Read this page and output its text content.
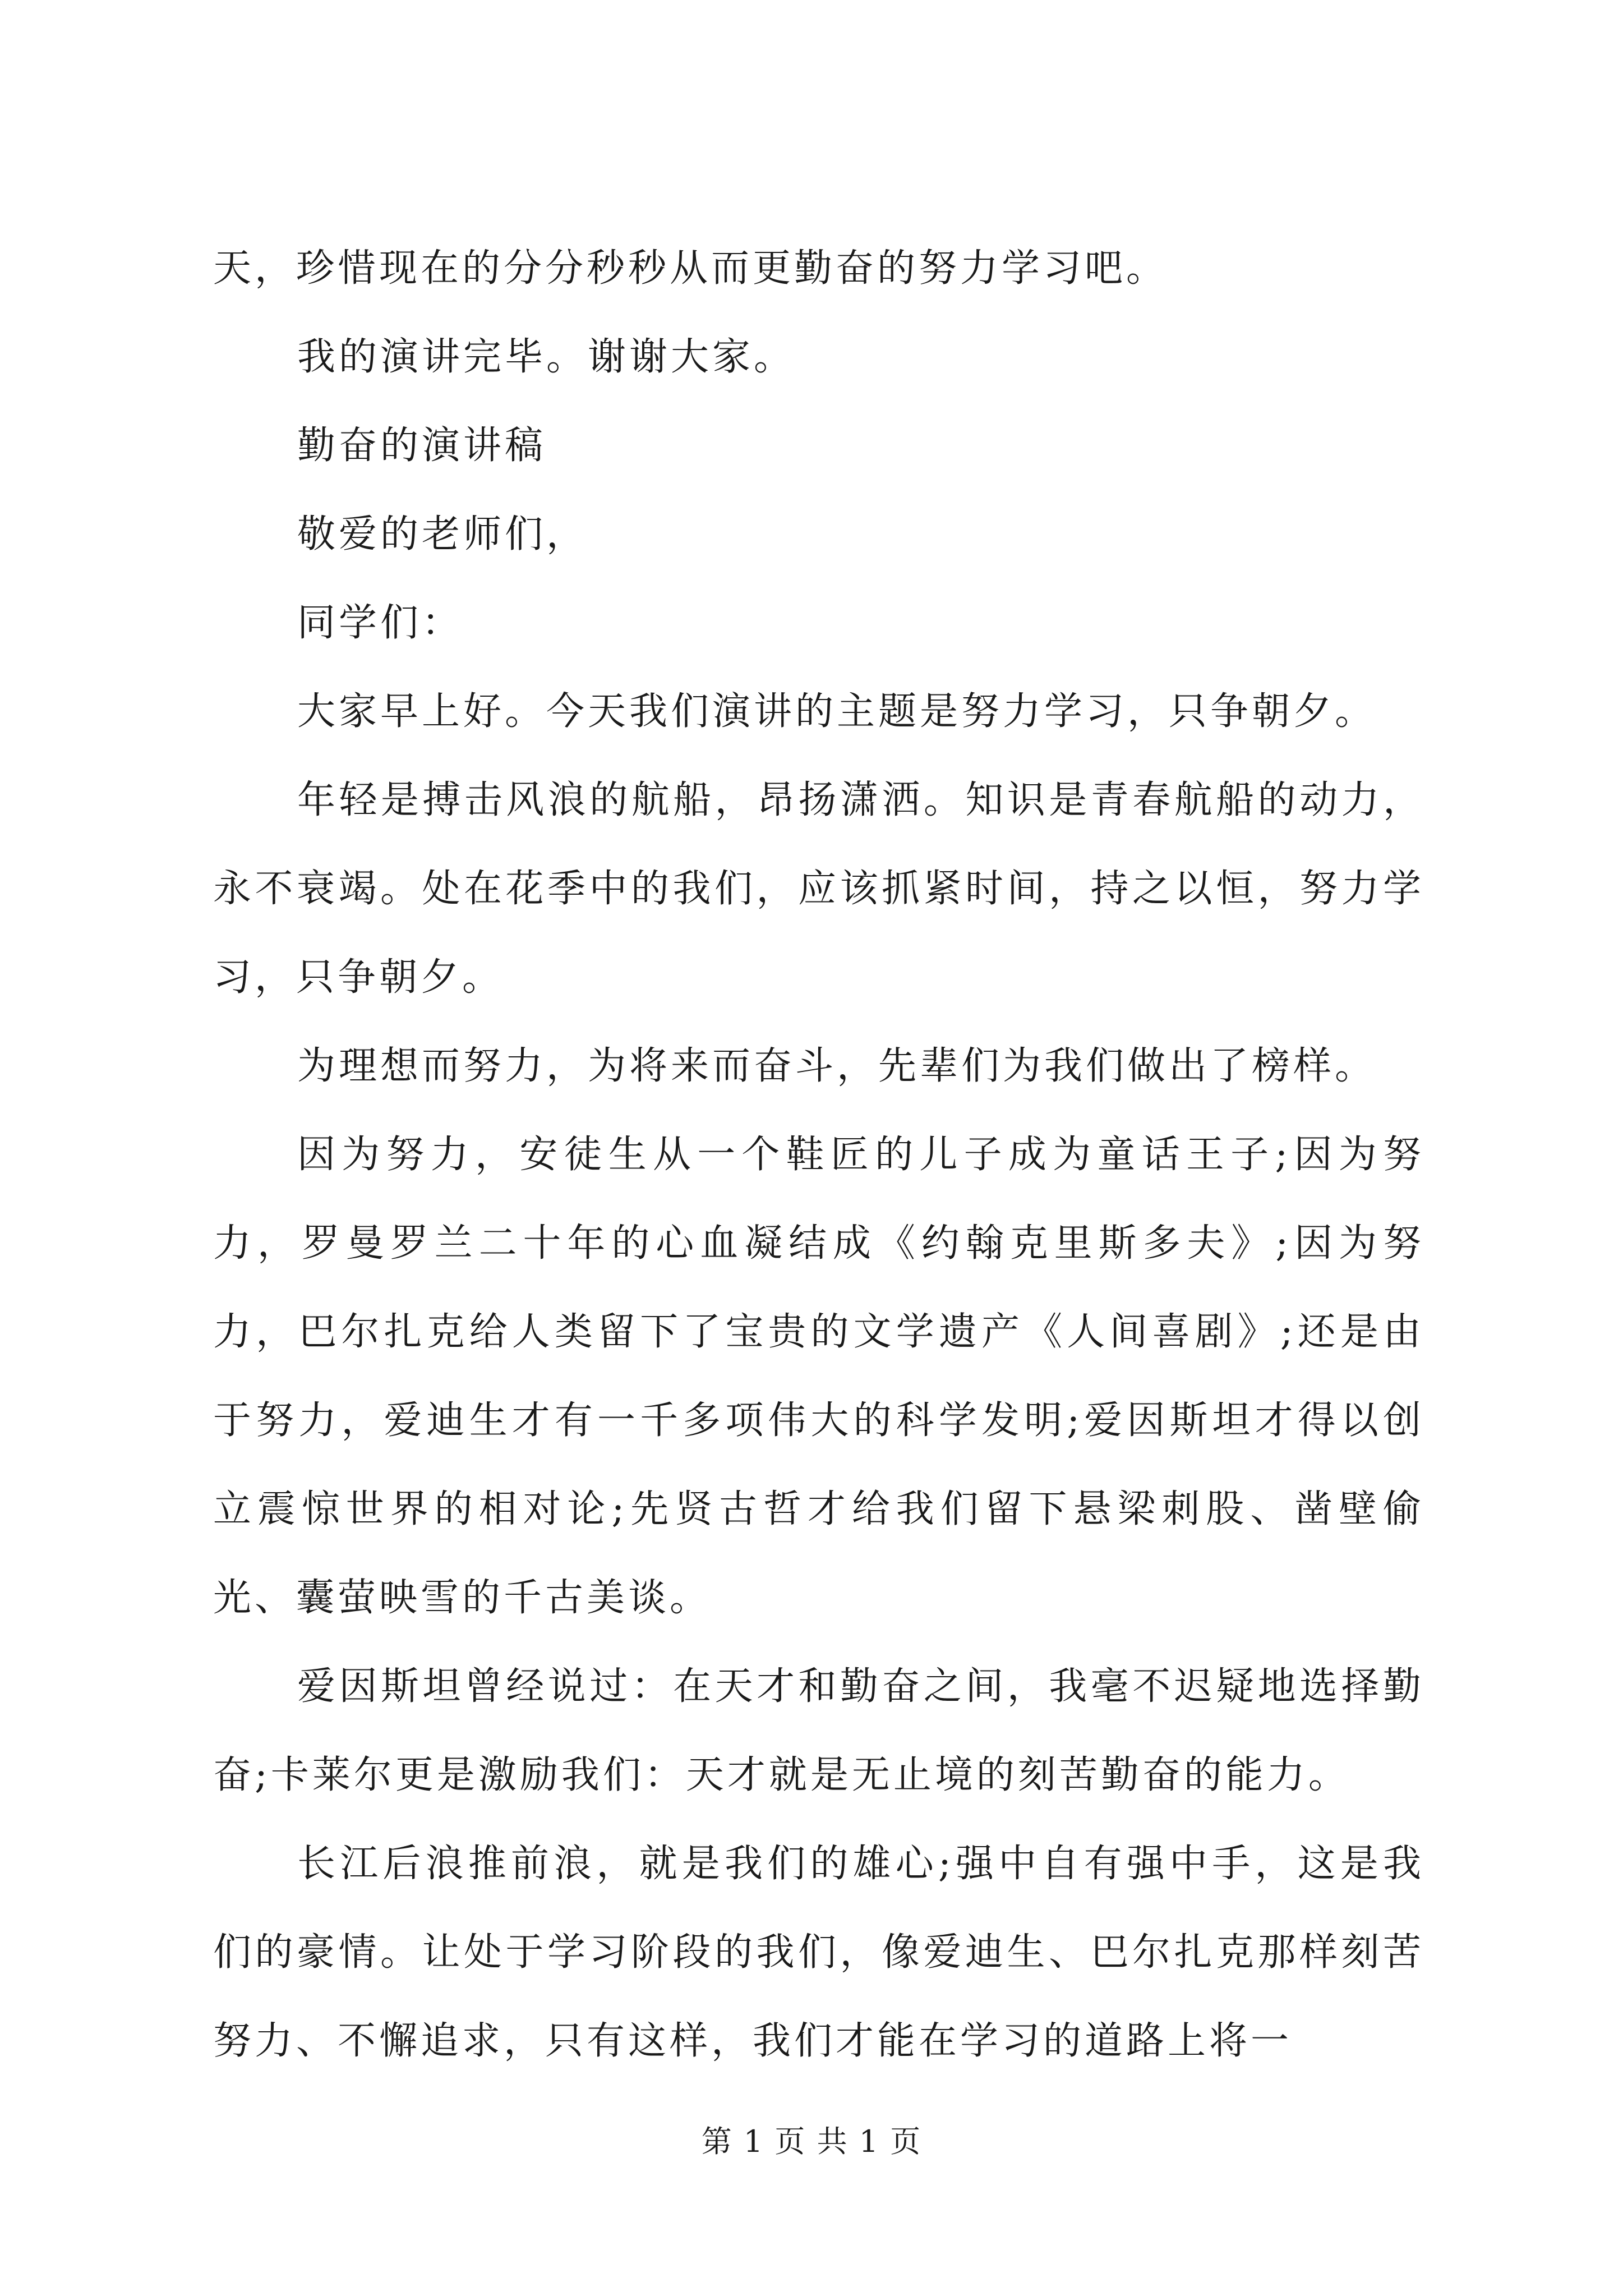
天，珍惜现在的分分秒秒从而更勤奋的努力学习吧。

我的演讲完毕。谢谢大家。

勤奋的演讲稿

敬爱的老师们，

同学们：

大家早上好。今天我们演讲的主题是努力学习，只争朝夕。

年轻是搏击风浪的航船，昂扬潇洒。知识是青春航船的动力，永不衰竭。处在花季中的我们，应该抓紧时间，持之以恒，努力学习，只争朝夕。

为理想而努力，为将来而奋斗，先辈们为我们做出了榜样。

因为努力，安徒生从一个鞋匠的儿子成为童话王子;因为努力，罗曼罗兰二十年的心血凝结成《约翰克里斯多夫》;因为努力，巴尔扎克给人类留下了宝贵的文学遗产《人间喜剧》;还是由于努力，爱迪生才有一千多项伟大的科学发明;爱因斯坦才得以创立震惊世界的相对论;先贤古哲才给我们留下悬梁刺股、凿壁偷光、囊萤映雪的千古美谈。

爱因斯坦曾经说过：在天才和勤奋之间，我毫不迟疑地选择勤奋;卡莱尔更是激励我们：天才就是无止境的刻苦勤奋的能力。

长江后浪推前浪，就是我们的雄心;强中自有强中手，这是我们的豪情。让处于学习阶段的我们，像爱迪生、巴尔扎克那样刻苦努力、不懈追求，只有这样，我们才能在学习的道路上将一

第 1 页 共 1 页
